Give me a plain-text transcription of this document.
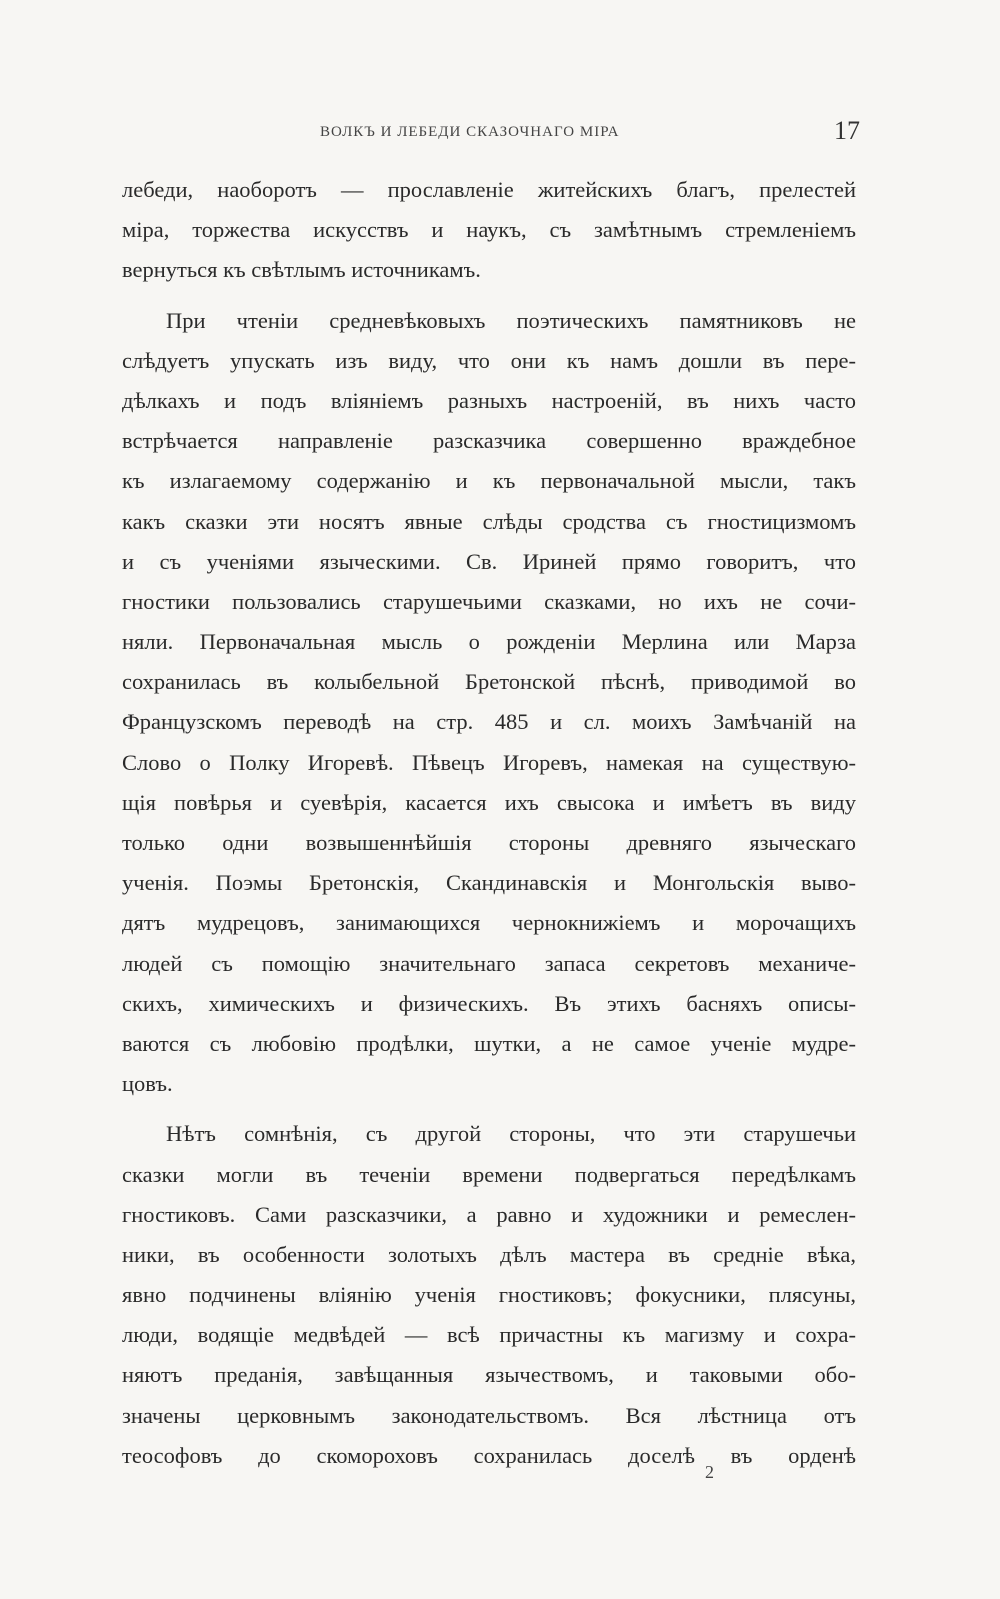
ВОЛКЪ И ЛЕБЕДИ СКАЗОЧНАГО МІРА	17
лебеди, наоборотъ — прославленіе житейскихъ благъ, прелестей
міра, торжества искусствъ и наукъ, съ замѣтнымъ стремленіемъ
вернуться къ свѣтлымъ источникамъ.
При чтеніи средневѣковыхъ поэтическихъ памятниковъ не
слѣдуетъ упускать изъ виду, что они къ намъ дошли въ пере-
дѣлкахъ и подъ вліяніемъ разныхъ настроеній, въ нихъ часто
встрѣчается направленіе разсказчика совершенно враждебное
къ излагаемому содержанію и къ первоначальной мысли, такъ
какъ сказки эти носятъ явные слѣды сродства съ гностицизмомъ
и съ ученіями языческими. Св. Ириней прямо говоритъ, что
гностики пользовались старушечьими сказками, но ихъ не сочи-
няли. Первоначальная мысль о рожденіи Мерлина или Марза
сохранилась въ колыбельной Бретонской пѣснѣ, приводимой во
Французскомъ переводѣ на стр. 485 и сл. моихъ Замѣчаній на
Слово о Полку Игоревѣ. Пѣвецъ Игоревъ, намекая на существую-
щія повѣрья и суевѣрія, касается ихъ свысока и имѣетъ въ виду
только одни возвышеннѣйшія стороны древняго языческаго
ученія. Поэмы Бретонскія, Скандинавскія и Монгольскія выво-
дятъ мудрецовъ, занимающихся чернокнижіемъ и морочащихъ
людей съ помощію значительнаго запаса секретовъ механиче-
скихъ, химическихъ и физическихъ. Въ этихъ басняхъ описы-
ваются съ любовію продѣлки, шутки, а не самое ученіе мудре-
цовъ.
Нѣтъ сомнѣнія, съ другой стороны, что эти старушечьи
сказки могли въ теченіи времени подвергаться передѣлкамъ
гностиковъ. Сами разсказчики, а равно и художники и ремеслен-
ники, въ особенности золотыхъ дѣлъ мастера въ средніе вѣка,
явно подчинены вліянію ученія гностиковъ; фокусники, плясуны,
люди, водящіе медвѣдей — всѣ причастны къ магизму и сохра-
няютъ преданія, завѣщанныя язычествомъ, и таковыми обо-
значены церковнымъ законодательствомъ. Вся лѣстница отъ
теософовъ до скомороховъ сохранилась доселѣ въ орденѣ
2
